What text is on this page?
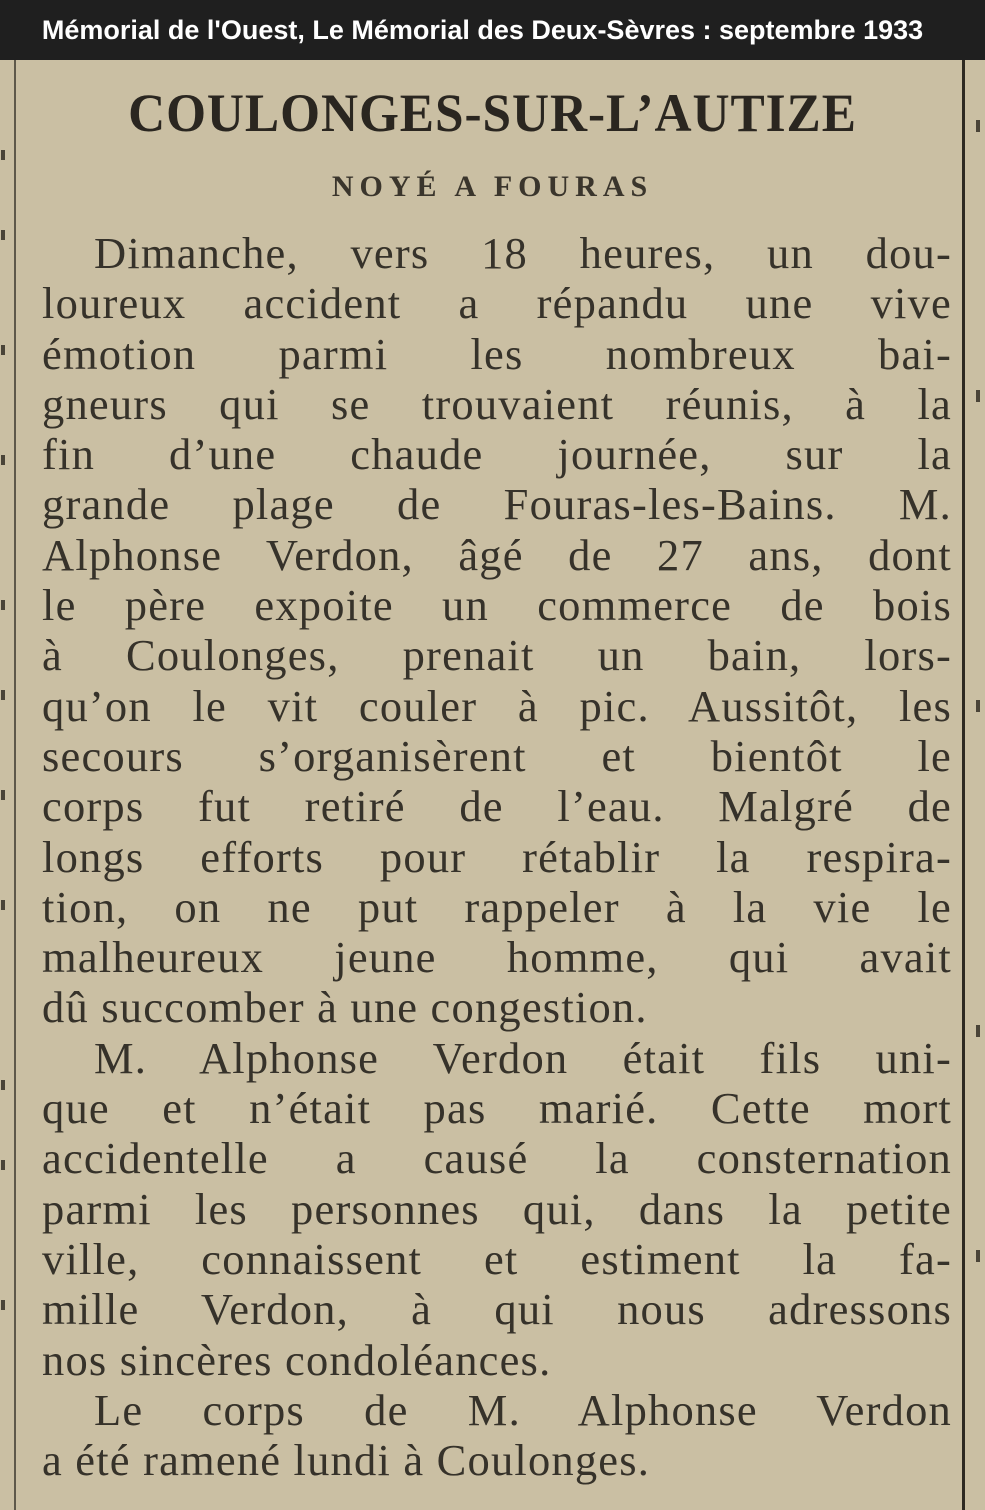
Mémorial de l'Ouest, Le Mémorial des Deux-Sèvres : septembre 1933
COULONGES-SUR-L’AUTIZE
NOYÉ A FOURAS
Dimanche, vers 18 heures, un dou-
loureux accident a répandu une vive
émotion parmi les nombreux bai-
gneurs qui se trouvaient réunis, à la
fin d’une chaude journée, sur la
grande plage de Fouras-les-Bains. M.
Alphonse Verdon, âgé de 27 ans, dont
le père expoite un commerce de bois
à Coulonges, prenait un bain, lors-
qu’on le vit couler à pic. Aussitôt, les
secours s’organisèrent et bientôt le
corps fut retiré de l’eau. Malgré de
longs efforts pour rétablir la respira-
tion, on ne put rappeler à la vie le
malheureux jeune homme, qui avait
dû succomber à une congestion.
M. Alphonse Verdon était fils uni-
que et n’était pas marié. Cette mort
accidentelle a causé la consternation
parmi les personnes qui, dans la petite
ville, connaissent et estiment la fa-
mille Verdon, à qui nous adressons
nos sincères condoléances.
Le corps de M. Alphonse Verdon
a été ramené lundi à Coulonges.
